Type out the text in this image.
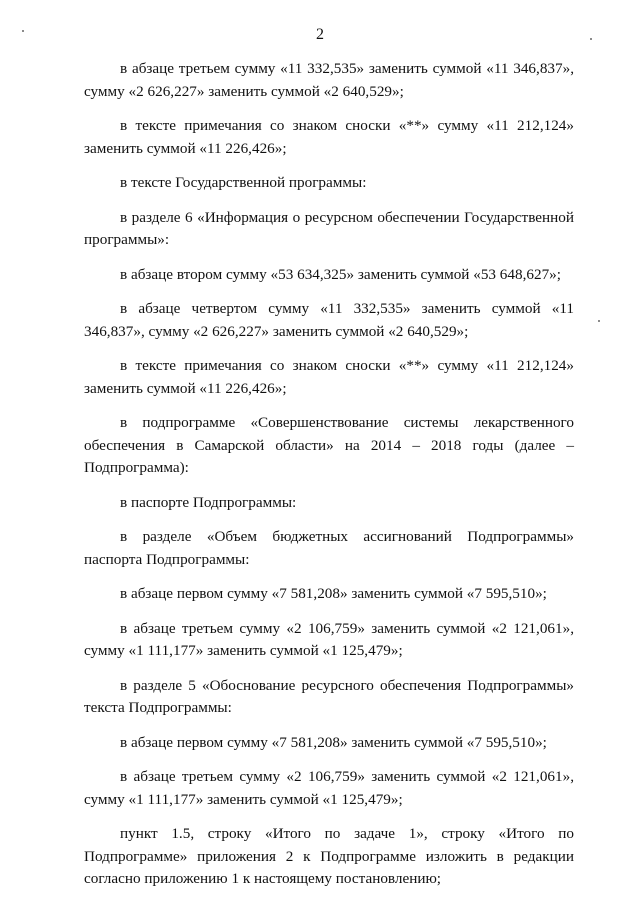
2

в абзаце третьем сумму «11 332,535» заменить суммой «11 346,837», сумму «2 626,227» заменить суммой «2 640,529»;

в тексте примечания со знаком сноски «**» сумму «11 212,124» заменить суммой «11 226,426»;

в тексте Государственной программы:

в разделе 6 «Информация о ресурсном обеспечении Государственной программы»:

в абзаце втором сумму «53 634,325» заменить суммой «53 648,627»;

в абзаце четвертом сумму «11 332,535» заменить суммой «11 346,837», сумму «2 626,227» заменить суммой «2 640,529»;

в тексте примечания со знаком сноски «**» сумму «11 212,124» заменить суммой «11 226,426»;

в подпрограмме «Совершенствование системы лекарственного обеспечения в Самарской области» на 2014 – 2018 годы (далее – Подпрограмма):

в паспорте Подпрограммы:

в разделе «Объем бюджетных ассигнований Подпрограммы» паспорта Подпрограммы:

в абзаце первом сумму «7 581,208» заменить суммой «7 595,510»;

в абзаце третьем сумму «2 106,759» заменить суммой «2 121,061», сумму «1 111,177» заменить суммой «1 125,479»;

в разделе 5 «Обоснование ресурсного обеспечения Подпрограммы» текста Подпрограммы:

в абзаце первом сумму «7 581,208» заменить суммой «7 595,510»;

в абзаце третьем сумму «2 106,759» заменить суммой «2 121,061», сумму «1 111,177» заменить суммой «1 125,479»;

пункт 1.5, строку «Итого по задаче 1», строку «Итого по Подпрограмме» приложения 2 к Подпрограмме изложить в редакции согласно приложению 1 к настоящему постановлению;
